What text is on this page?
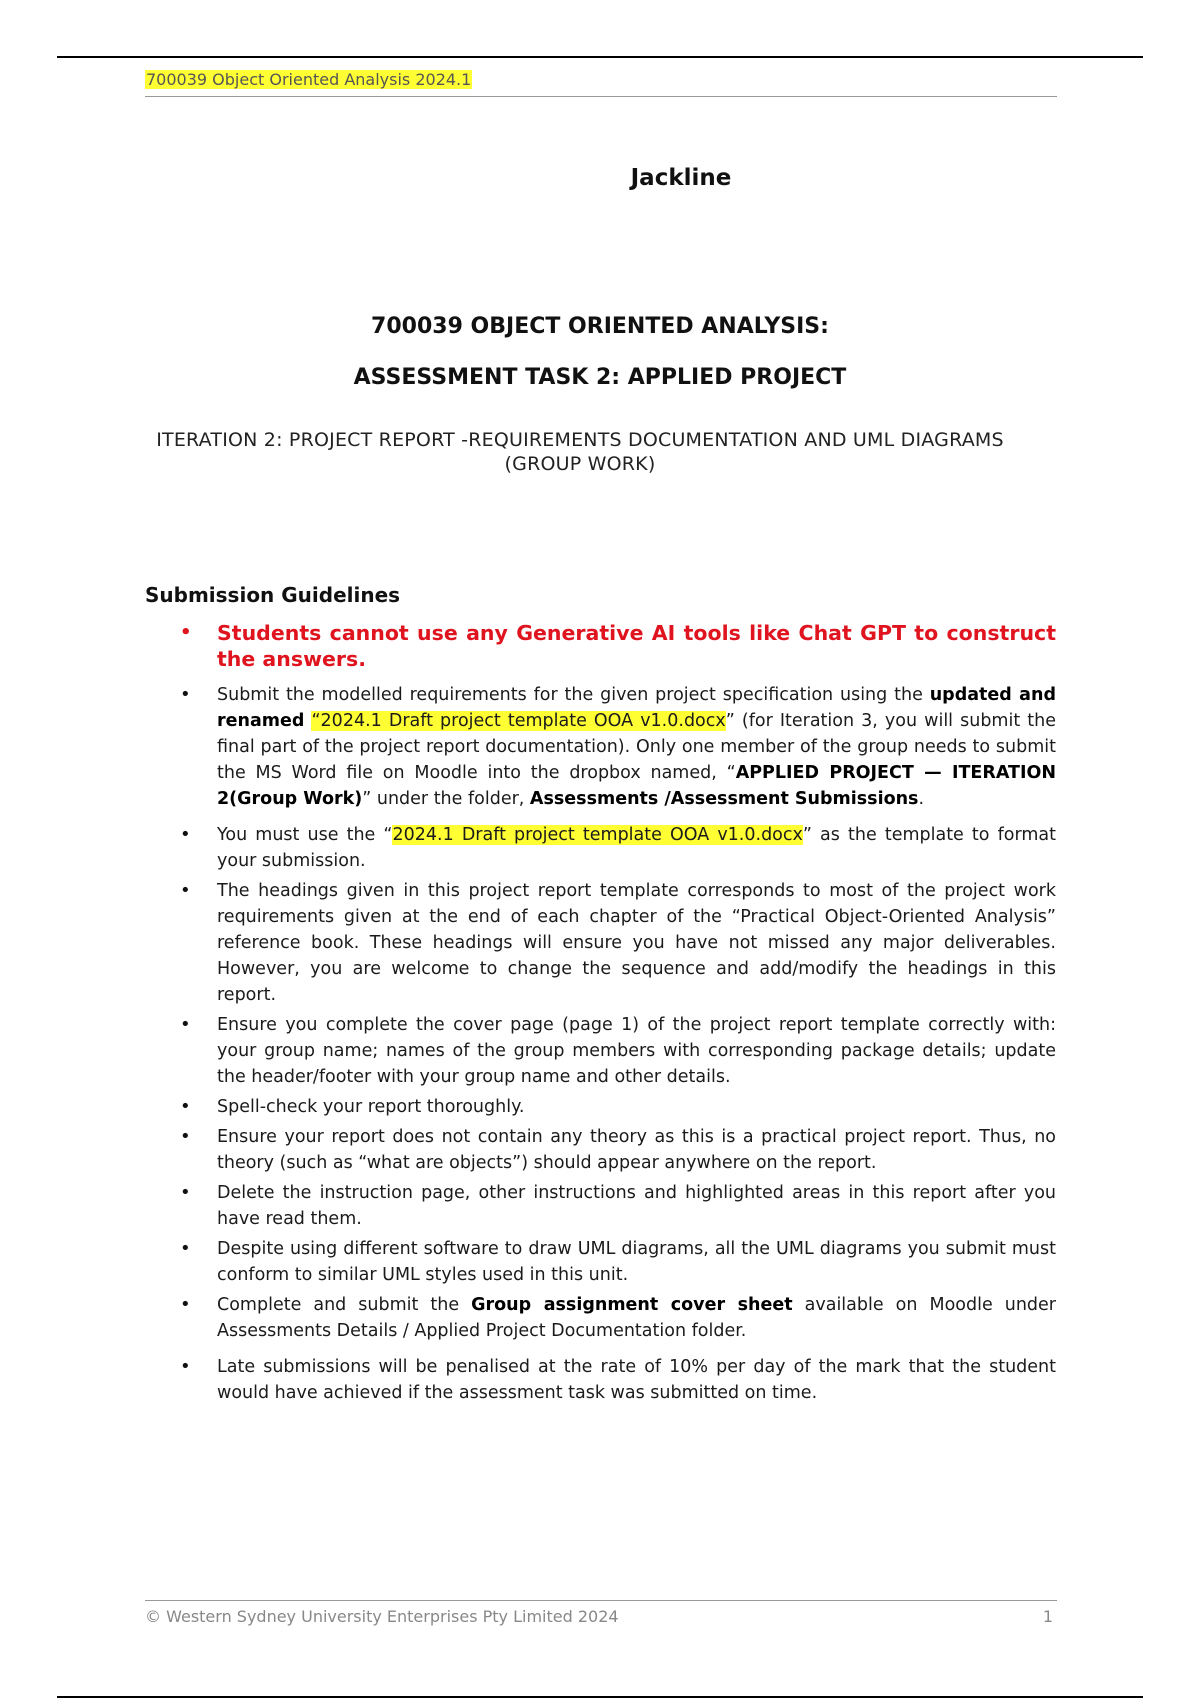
700039 Object Oriented Analysis 2024.1
Jackline
700039 OBJECT ORIENTED ANALYSIS:
ASSESSMENT TASK 2: APPLIED PROJECT
ITERATION 2: PROJECT REPORT -REQUIREMENTS DOCUMENTATION AND UML DIAGRAMS
(GROUP WORK)
Submission Guidelines
• Students cannot use any Generative AI tools like Chat GPT to construct the answers.
• Submit the modelled requirements for the given project specification using the updated and renamed “2024.1 Draft project template OOA v1.0.docx” (for Iteration 3, you will submit the final part of the project report documentation). Only one member of the group needs to submit the MS Word file on Moodle into the dropbox named, “APPLIED PROJECT — ITERATION 2(Group Work)” under the folder, Assessments /Assessment Submissions.
• You must use the “2024.1 Draft project template OOA v1.0.docx” as the template to format your submission.
• The headings given in this project report template corresponds to most of the project work requirements given at the end of each chapter of the “Practical Object-Oriented Analysis” reference book. These headings will ensure you have not missed any major deliverables. However, you are welcome to change the sequence and add/modify the headings in this report.
• Ensure you complete the cover page (page 1) of the project report template correctly with: your group name; names of the group members with corresponding package details; update the header/footer with your group name and other details.
• Spell-check your report thoroughly.
• Ensure your report does not contain any theory as this is a practical project report. Thus, no theory (such as “what are objects”) should appear anywhere on the report.
• Delete the instruction page, other instructions and highlighted areas in this report after you have read them.
• Despite using different software to draw UML diagrams, all the UML diagrams you submit must conform to similar UML styles used in this unit.
• Complete and submit the Group assignment cover sheet available on Moodle under Assessments Details / Applied Project Documentation folder.
• Late submissions will be penalised at the rate of 10% per day of the mark that the student would have achieved if the assessment task was submitted on time.
© Western Sydney University Enterprises Pty Limited 2024	1
